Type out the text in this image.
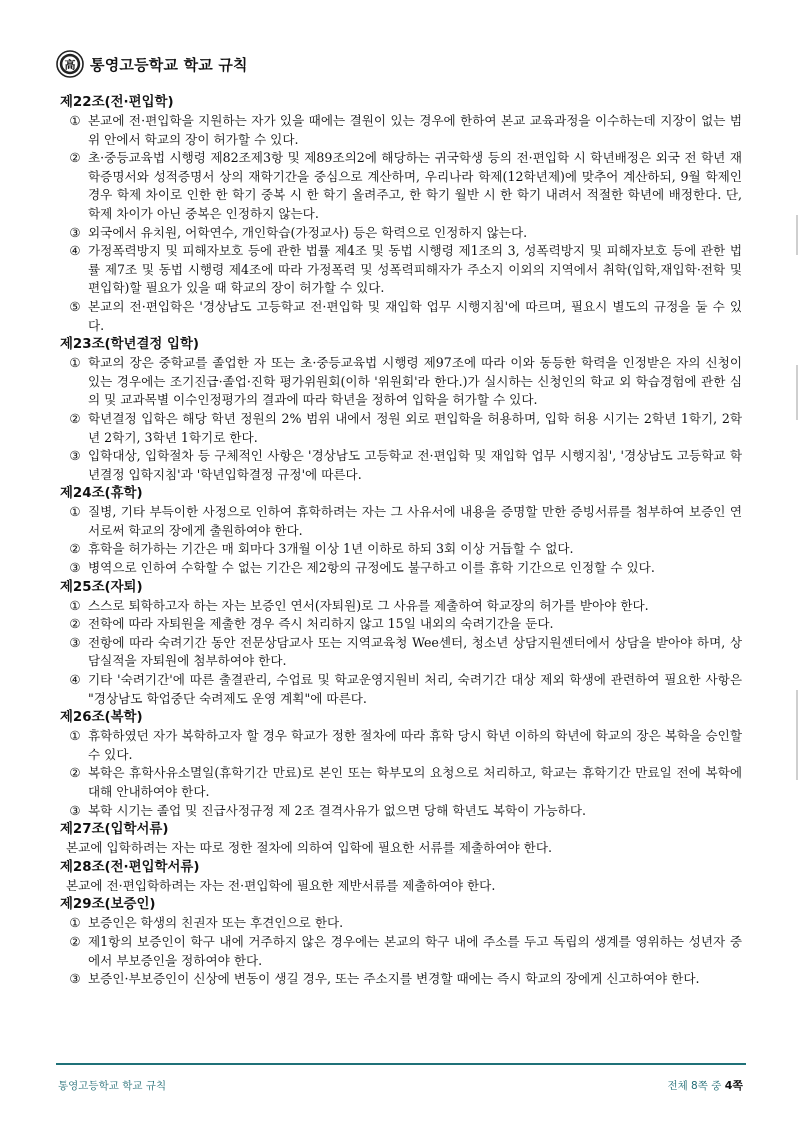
高 통영고등학교 학교 규칙
제22조(전·편입학)
① 본교에 전·편입학을 지원하는 자가 있을 때에는 결원이 있는 경우에 한하여 본교 교육과정을 이수하는데 지장이 없는 범위 안에서 학교의 장이 허가할 수 있다.
② 초·중등교육법 시행령 제82조제3항 및 제89조의2에 해당하는 귀국학생 등의 전·편입학 시 학년배정은 외국 전 학년 재학증명서와 성적증명서 상의 재학기간을 중심으로 계산하며, 우리나라 학제(12학년제)에 맞추어 계산하되, 9월 학제인 경우 학제 차이로 인한 한 학기 중복 시 한 학기 올려주고, 한 학기 월반 시 한 학기 내려서 적절한 학년에 배정한다. 단, 학제 차이가 아닌 중복은 인정하지 않는다.
③ 외국에서 유치원, 어학연수, 개인학습(가정교사) 등은 학력으로 인정하지 않는다.
④ 가정폭력방지 및 피해자보호 등에 관한 법률 제4조 및 동법 시행령 제1조의 3, 성폭력방지 및 피해자보호 등에 관한 법률 제7조 및 동법 시행령 제4조에 따라 가정폭력 및 성폭력피해자가 주소지 이외의 지역에서 취학(입학,재입학·전학 및 편입학)할 필요가 있을 때 학교의 장이 허가할 수 있다.
⑤ 본교의 전·편입학은 '경상남도 고등학교 전·편입학 및 재입학 업무 시행지침'에 따르며, 필요시 별도의 규정을 둘 수 있다.
제23조(학년결정 입학)
① 학교의 장은 중학교를 졸업한 자 또는 초·중등교육법 시행령 제97조에 따라 이와 동등한 학력을 인정받은 자의 신청이 있는 경우에는 조기진급·졸업·진학 평가위원회(이하 '위원회'라 한다.)가 실시하는 신청인의 학교 외 학습경험에 관한 심의 및 교과목별 이수인정평가의 결과에 따라 학년을 정하여 입학을 허가할 수 있다.
② 학년결정 입학은 해당 학년 정원의 2% 범위 내에서 정원 외로 편입학을 허용하며, 입학 허용 시기는 2학년 1학기, 2학년 2학기, 3학년 1학기로 한다.
③ 입학대상, 입학절차 등 구체적인 사항은 '경상남도 고등학교 전·편입학 및 재입학 업무 시행지침', '경상남도 고등학교 학년결정 입학지침'과 '학년입학결정 규정'에 따른다.
제24조(휴학)
① 질병, 기타 부득이한 사정으로 인하여 휴학하려는 자는 그 사유서에 내용을 증명할 만한 증빙서류를 첨부하여 보증인 연서로써 학교의 장에게 출원하여야 한다.
② 휴학을 허가하는 기간은 매 회마다 3개월 이상 1년 이하로 하되 3회 이상 거듭할 수 없다.
③ 병역으로 인하여 수학할 수 없는 기간은 제2항의 규정에도 불구하고 이를 휴학 기간으로 인정할 수 있다.
제25조(자퇴)
① 스스로 퇴학하고자 하는 자는 보증인 연서(자퇴원)로 그 사유를 제출하여 학교장의 허가를 받아야 한다.
② 전학에 따라 자퇴원을 제출한 경우 즉시 처리하지 않고 15일 내외의 숙려기간을 둔다.
③ 전항에 따라 숙려기간 동안 전문상담교사 또는 지역교육청 Wee센터, 청소년 상담지원센터에서 상담을 받아야 하며, 상담실적을 자퇴원에 첨부하여야 한다.
④ 기타 '숙려기간'에 따른 출결관리, 수업료 및 학교운영지원비 처리, 숙려기간 대상 제외 학생에 관련하여 필요한 사항은 "경상남도 학업중단 숙려제도 운영 계획"에 따른다.
제26조(복학)
① 휴학하였던 자가 복학하고자 할 경우 학교가 정한 절차에 따라 휴학 당시 학년 이하의 학년에 학교의 장은 복학을 승인할 수 있다.
② 복학은 휴학사유소멸일(휴학기간 만료)로 본인 또는 학부모의 요청으로 처리하고, 학교는 휴학기간 만료일 전에 복학에 대해 안내하여야 한다.
③ 복학 시기는 졸업 및 진급사정규정 제 2조 결격사유가 없으면 당해 학년도 복학이 가능하다.
제27조(입학서류)
본교에 입학하려는 자는 따로 정한 절차에 의하여 입학에 필요한 서류를 제출하여야 한다.
제28조(전·편입학서류)
본교에 전·편입학하려는 자는 전·편입학에 필요한 제반서류를 제출하여야 한다.
제29조(보증인)
① 보증인은 학생의 친권자 또는 후견인으로 한다.
② 제1항의 보증인이 학구 내에 거주하지 않은 경우에는 본교의 학구 내에 주소를 두고 독립의 생계를 영위하는 성년자 중에서 부보증인을 정하여야 한다.
③ 보증인·부보증인이 신상에 변동이 생길 경우, 또는 주소지를 변경할 때에는 즉시 학교의 장에게 신고하여야 한다.
통영고등학교 학교 규칙	전체 8쪽 중 4쪽
